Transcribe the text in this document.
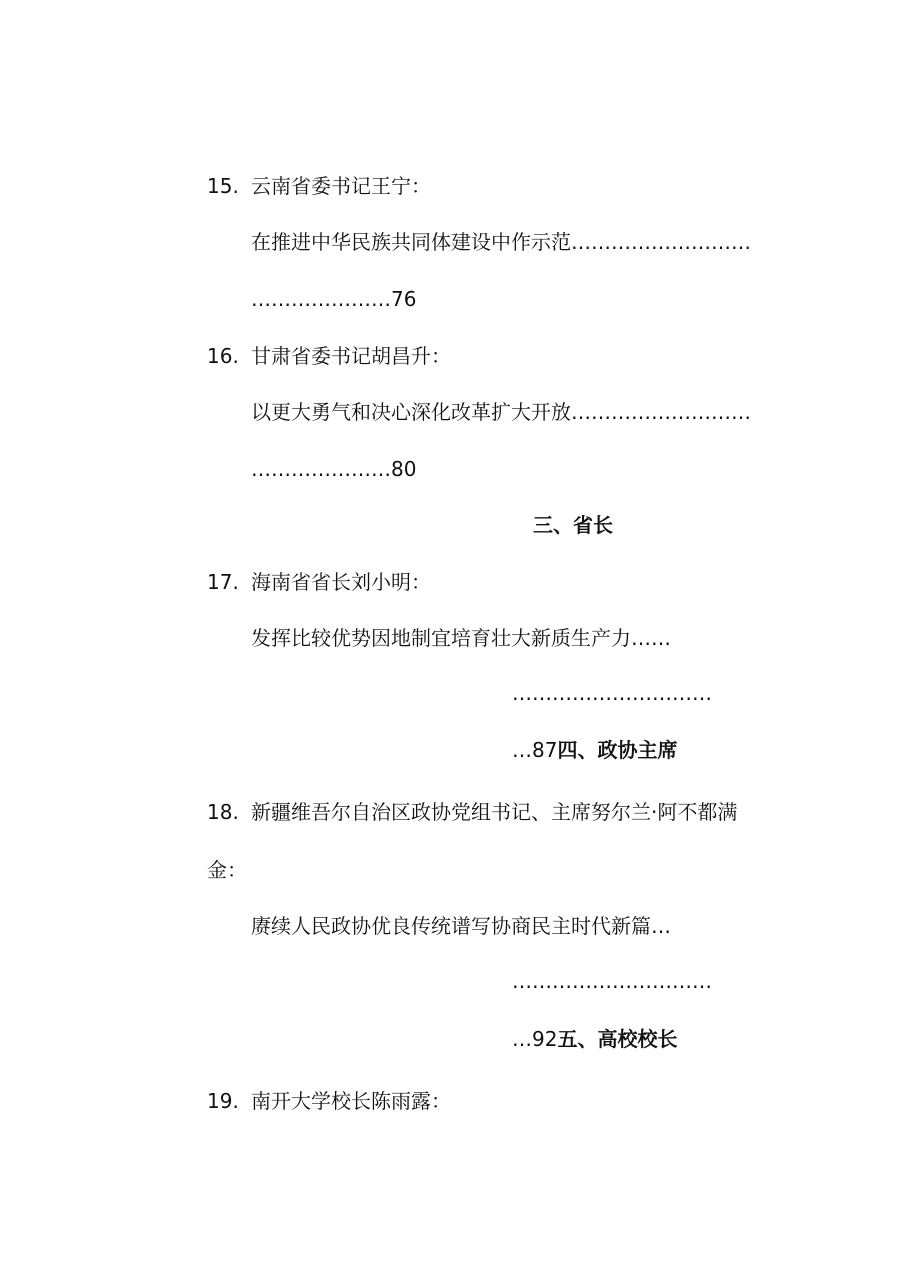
15. 云南省委书记王宁：
在推进中华民族共同体建设中作示范………………………
…………………76
16. 甘肃省委书记胡昌升：
以更大勇气和决心深化改革扩大开放………………………
…………………80
三、省长
17. 海南省省长刘小明：
发挥比较优势因地制宜培育壮大新质生产力……
…………………………
…87四、政协主席
18. 新疆维吾尔自治区政协党组书记、主席努尔兰·阿不都满
金：
赓续人民政协优良传统谱写协商民主时代新篇…
…………………………
…92五、高校校长
19. 南开大学校长陈雨露：
